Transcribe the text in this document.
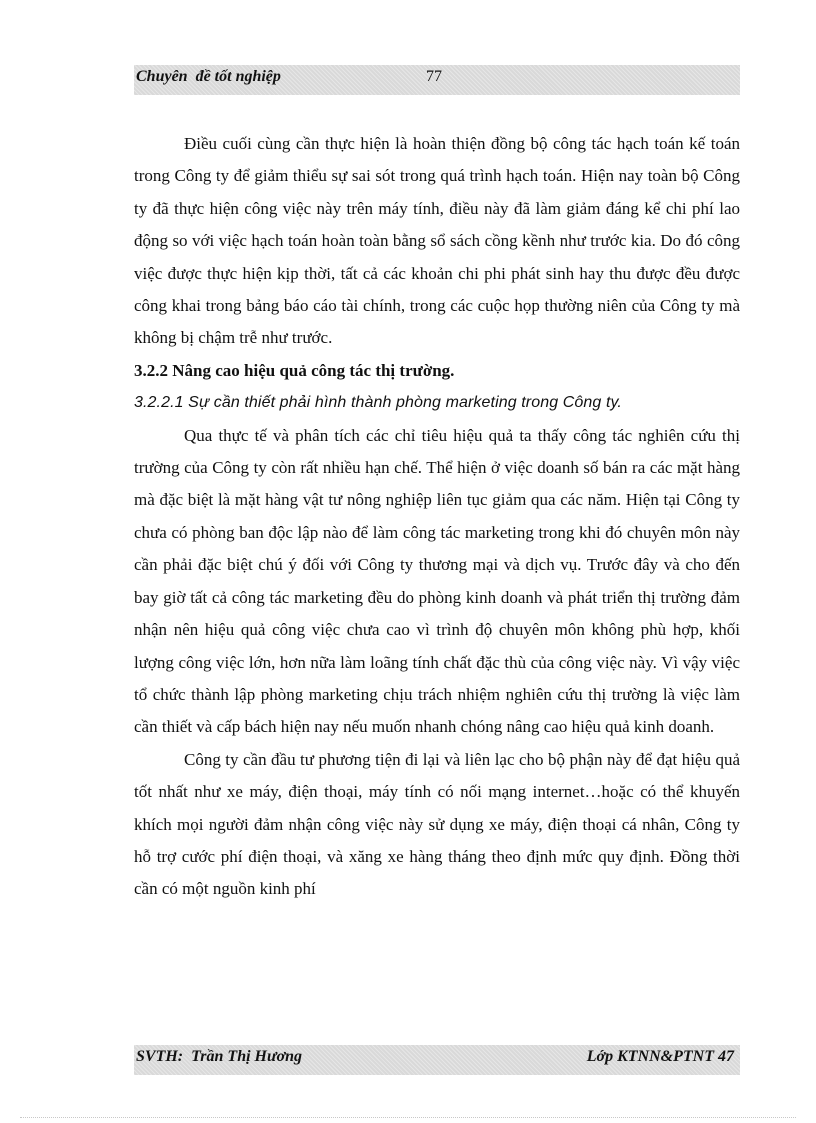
Chuyên  đề tốt nghiệp	77

Điều cuối cùng cần thực hiện là hoàn thiện đồng bộ công tác hạch toán kế toán trong Công ty để giảm thiểu sự sai sót trong quá trình hạch toán. Hiện nay toàn bộ Công ty đã thực hiện công việc này trên máy tính, điều này đã làm giảm đáng kể chi phí lao động so với việc hạch toán hoàn toàn bằng sổ sách cồng kềnh như trước kia. Do đó công việc được thực hiện kịp thời, tất cả các khoản chi phi phát sinh hay thu được đều được công khai trong bảng báo cáo tài chính, trong các cuộc họp thường niên của Công ty mà không bị chậm trễ như trước.

3.2.2 Nâng cao hiệu quả công tác thị trường.

3.2.2.1 Sự cần thiết phải hình thành phòng marketing trong Công ty.

Qua thực tế và phân tích các chỉ tiêu hiệu quả ta thấy công tác nghiên cứu thị trường của Công ty còn rất nhiều hạn chế. Thể hiện ở việc doanh số bán ra các mặt hàng mà đặc biệt là mặt hàng vật tư nông nghiệp liên tục giảm qua các năm. Hiện tại Công ty chưa có phòng ban độc lập nào để làm công tác marketing trong khi đó chuyên môn này cần phải đặc biệt chú ý đối với Công ty thương mại và dịch vụ. Trước đây và cho đến bay giờ tất cả công tác marketing đều do phòng kinh doanh và phát triển thị trường đảm nhận nên hiệu quả công việc chưa cao vì trình độ chuyên môn không phù hợp, khối lượng công việc lớn, hơn nữa làm loãng tính chất đặc thù của công việc này. Vì vậy việc tổ chức thành lập phòng marketing chịu trách nhiệm nghiên cứu thị trường là việc làm cần thiết và cấp bách hiện nay nếu muốn nhanh chóng nâng cao hiệu quả kinh doanh.

Công ty cần đầu tư phương tiện đi lại và liên lạc cho bộ phận này để đạt hiệu quả tốt nhất như xe máy, điện thoại, máy tính có nối mạng internet…hoặc có thể khuyến khích mọi người đảm nhận công việc này sử dụng xe máy, điện thoại cá nhân, Công ty hỗ trợ cước phí điện thoại, và xăng xe hàng tháng theo định mức quy định. Đồng thời cần có một nguồn kinh phí

SVTH:  Trần Thị Hương	Lớp KTNN&PTNT 47
